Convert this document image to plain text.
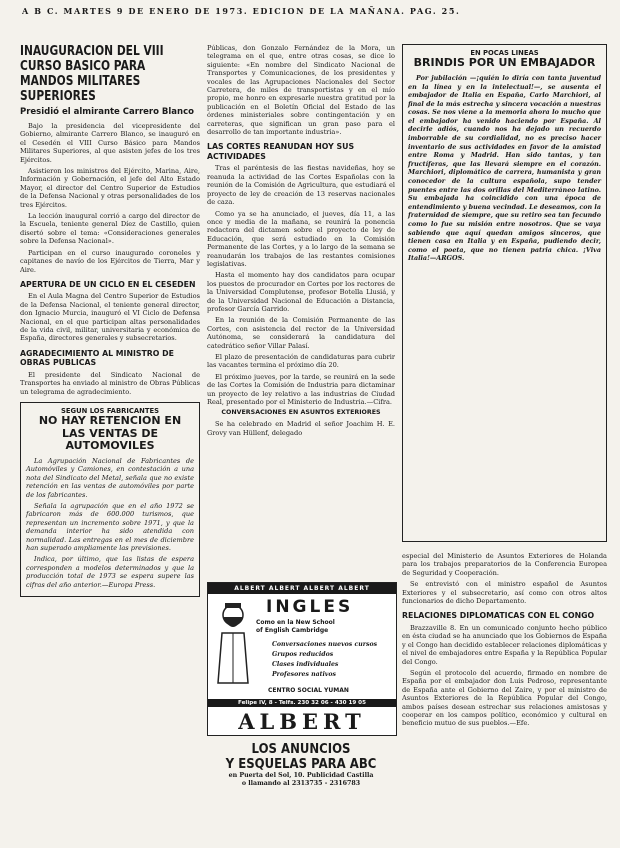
A B C. MARTES 9 DE ENERO DE 1973. EDICION DE LA MAÑANA. PAG. 25.
INAUGURACION DEL VIII CURSO BASICO PARA MANDOS MILITARES SUPERIORES
Presidió el almirante Carrero Blanco

Bajo la presidencia del vicepresidente del Gobierno, almirante Carrero Blanco, se inauguró en el Cesedén el VIII Curso Básico para Mandos Militares Superiores, al que asisten jefes de los tres Ejércitos.

Asistieron los ministros del Ejército, Marina, Aire, Información y Gobernación, el jefe del Alto Estado Mayor, el director del Centro Superior de Estudios de la Defensa Nacional y otras personalidades de los tres Ejércitos.

La lección inaugural corrió a cargo del director de la Escuela, teniente general Díez de Castillo, quien disertó sobre el tema: «Consideraciones generales sobre la Defensa Nacional».

Participan en el curso inaugurado coroneles y capitanes de navío de los Ejércitos de Tierra, Mar y Aire.

APERTURA DE UN CICLO EN EL CESEDEN

En el Aula Magna del Centro Superior de Estudios de la Defensa Nacional, el teniente general director, don Ignacio Murcia, inauguró el VI Ciclo de Defensa Nacional, en el que participan altas personalidades de la vida civil, militar, universitaria y económica de España, directores generales y subsecretarios.

AGRADECIMIENTO AL MINISTRO DE OBRAS PUBLICAS

El presidente del Sindicato Nacional de Transportes ha enviado al ministro de Obras Públicas un telegrama de agradecimiento.

SEGUN LOS FABRICANTES
NO HAY RETENCION EN LAS VENTAS DE AUTOMOVILES

La Agrupación Nacional de Fabricantes de Automóviles y Camiones, en contestación a una nota del Sindicato del Metal, señala que no existe retención en las ventas de automóviles por parte de los fabricantes.

Señala la agrupación que en el año 1972 se fabricaron más de 600.000 turismos, que representan un incremento sobre 1971, y que la demanda interior ha sido atendida con normalidad. Las entregas en el mes de diciembre han superado ampliamente las previsiones.

Indica, por último, que las listas de espera corresponden a modelos determinados y que la producción total de 1973 se espera supere las cifras del año anterior.—Europa Press.

Públicas, don Gonzalo Fernández de la Mora, un telegrama en el que, entre otras cosas, se dice lo siguiente: «En nombre del Sindicato Nacional de Transportes y Comunicaciones, de los presidentes y vocales de las Agrupaciones Nacionales del Sector Carretera, de miles de transportistas y en el mío propio, me honro en expresarle nuestra gratitud por la publicación en el Boletín Oficial del Estado de las órdenes ministeriales sobre contingentación y en carreteras, que significan un gran paso para el desarrollo de tan importante industria».

LAS CORTES REANUDAN HOY SUS ACTIVIDADES

Tras el paréntesis de las fiestas navideñas, hoy se reanuda la actividad de las Cortes Españolas con la reunión de la Comisión de Agricultura, que estudiará el proyecto de ley de creación de 13 reservas nacionales de caza.

Como ya se ha anunciado, el jueves, día 11, a las once y media de la mañana, se reunirá la ponencia redactora del dictamen sobre el proyecto de ley de Educación, que será estudiado en la Comisión Permanente de las Cortes, y a lo largo de la semana se reanudarán los trabajos de las restantes comisiones legislativas.

Hasta el momento hay dos candidatos para ocupar los puestos de procurador en Cortes por los rectores de la Universidad Complutense, profesor Botella Llusiá, y de la Universidad Nacional de Educación a Distancia, profesor García Garrido.

En la reunión de la Comisión Permanente de las Cortes, con asistencia del rector de la Universidad Autónoma, se considerará la candidatura del catedrático señor Villar Palasí.

El plazo de presentación de candidaturas para cubrir las vacantes termina el próximo día 20.

El próximo jueves, por la tarde, se reunirá en la sede de las Cortes la Comisión de Industria para dictaminar un proyecto de ley relativo a las industrias de Ciudad Real, presentado por el Ministerio de Industria.—Cifra.

CONVERSACIONES EN ASUNTOS EXTERIORES

Se ha celebrado en Madrid el señor Joachim H. E. Grovy van Hüllenf, delegado

ALBERT ALBERT ALBERT ALBERT
INGLES
Como en la New School
of English Cambridge
Conversaciones nuevos cursos
Grupos reducidos
Clases individuales
Profesores nativos
CENTRO SOCIAL YUMAN
Felipe IV, 8 - Telfs. 230 32 06 - 430 19 05
ALBERT
LOS ANUNCIOS
Y ESQUELAS PARA ABC
en Puerta del Sol, 10. Publicidad Castilla
o llamando al 2313735 - 2316783
EN POCAS LINEAS
BRINDIS POR UN EMBAJADOR

Por jubilación —¡quién lo diría con tanta juventud en la línea y en la intelectual!—, se ausenta el embajador de Italia en España, Carlo Marchiori, al final de la más estrecha y sincera vocación a nuestras cosas. Se nos viene a la memoria ahora lo mucho que el embajador ha venido haciendo por España. Al decirle adiós, cuando nos ha dejado un recuerdo imborrable de su cordialidad, no es preciso hacer inventario de sus actividades en favor de la amistad entre Roma y Madrid. Han sido tantas, y tan fructíferas, que las llevará siempre en el corazón. Marchiori, diplomático de carrera, humanista y gran conocedor de la cultura española, supo tender puentes entre las dos orillas del Mediterráneo latino. Su embajada ha coincidido con una época de entendimiento y buena vecindad. Le deseamos, con la fraternidad de siempre, que su retiro sea tan fecundo como lo fue su misión entre nosotros. Que se vaya sabiendo que aquí quedan amigos sinceros, que tienen casa en Italia y en España, pudiendo decir, como el poeta, que no tienen patria chica. ¡Viva Italia!—ARGOS.

especial del Ministerio de Asuntos Exteriores de Holanda para los trabajos preparatorios de la Conferencia Europea de Seguridad y Cooperación.

Se entrevistó con el ministro español de Asuntos Exteriores y el subsecretario, así como con otros altos funcionarios de dicho Departamento.

RELACIONES DIPLOMATICAS CON EL CONGO

Brazzaville 8. En un comunicado conjunto hecho público en ésta ciudad se ha anunciado que los Gobiernos de España y el Congo han decidido establecer relaciones diplomáticas y el nivel de embajadores entre España y la República Popular del Congo.

Según el protocolo del acuerdo, firmado en nombre de España por el embajador don Luis Pedroso, representante de España ante el Gobierno del Zaire, y por el ministro de Asuntos Exteriores de la República Popular del Congo, ambos países desean estrechar sus relaciones amistosas y cooperar en los campos político, económico y cultural en beneficio mutuo de sus pueblos.—Efe.
